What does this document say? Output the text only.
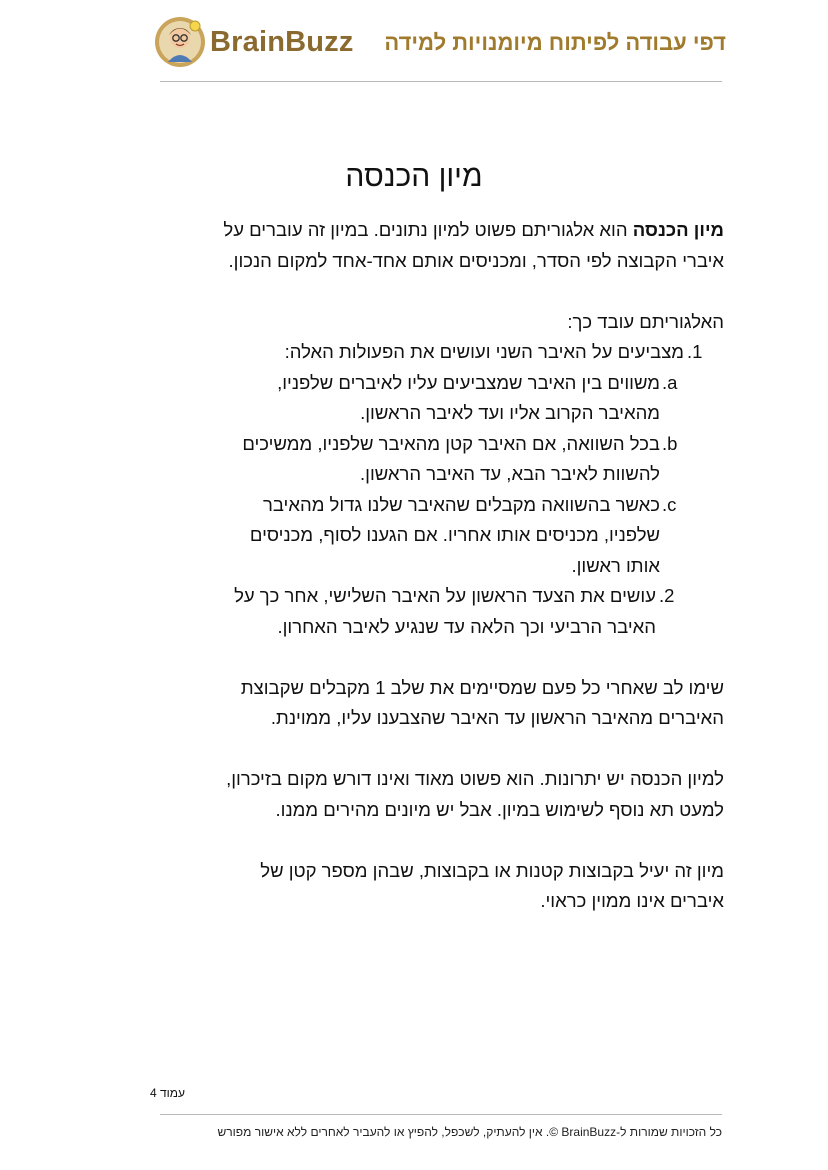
BrainBuzz דפי עבודה לפיתוח מיומנויות למידה
מיון הכנסה

מיון הכנסה הוא אלגוריתם פשוט למיון נתונים. במיון זה עוברים על
איברי הקבוצה לפי הסדר, ומכניסים אותם אחד-אחד למקום הנכון.

האלגוריתם עובד כך:

1.
מצביעים על האיבר השני ועושים את הפעולות האלה:
a.
משווים בין האיבר שמצביעים עליו לאיברים שלפניו,
מהאיבר הקרוב אליו ועד לאיבר הראשון.
b.
בכל השוואה, אם האיבר קטן מהאיבר שלפניו, ממשיכים
להשוות לאיבר הבא, עד האיבר הראשון.
c.
כאשר בהשוואה מקבלים שהאיבר שלנו גדול מהאיבר
שלפניו, מכניסים אותו אחריו. אם הגענו לסוף, מכניסים
אותו ראשון.
2.
עושים את הצעד הראשון על האיבר השלישי, אחר כך על
האיבר הרביעי וכך הלאה עד שנגיע לאיבר האחרון.

שימו לב שאחרי כל פעם שמסיימים את שלב 1 מקבלים שקבוצת
האיברים מהאיבר הראשון עד האיבר שהצבענו עליו, ממוינת.

למיון הכנסה יש יתרונות. הוא פשוט מאוד ואינו דורש מקום בזיכרון,
למעט תא נוסף לשימוש במיון. אבל יש מיונים מהירים ממנו.

מיון זה יעיל בקבוצות קטנות או בקבוצות, שבהן מספר קטן של
איברים אינו ממוין כראוי.

עמוד 4
כל הזכויות שמורות ל-BrainBuzz ©. אין להעתיק, לשכפל, להפיץ או להעביר לאחרים ללא אישור מפורש
